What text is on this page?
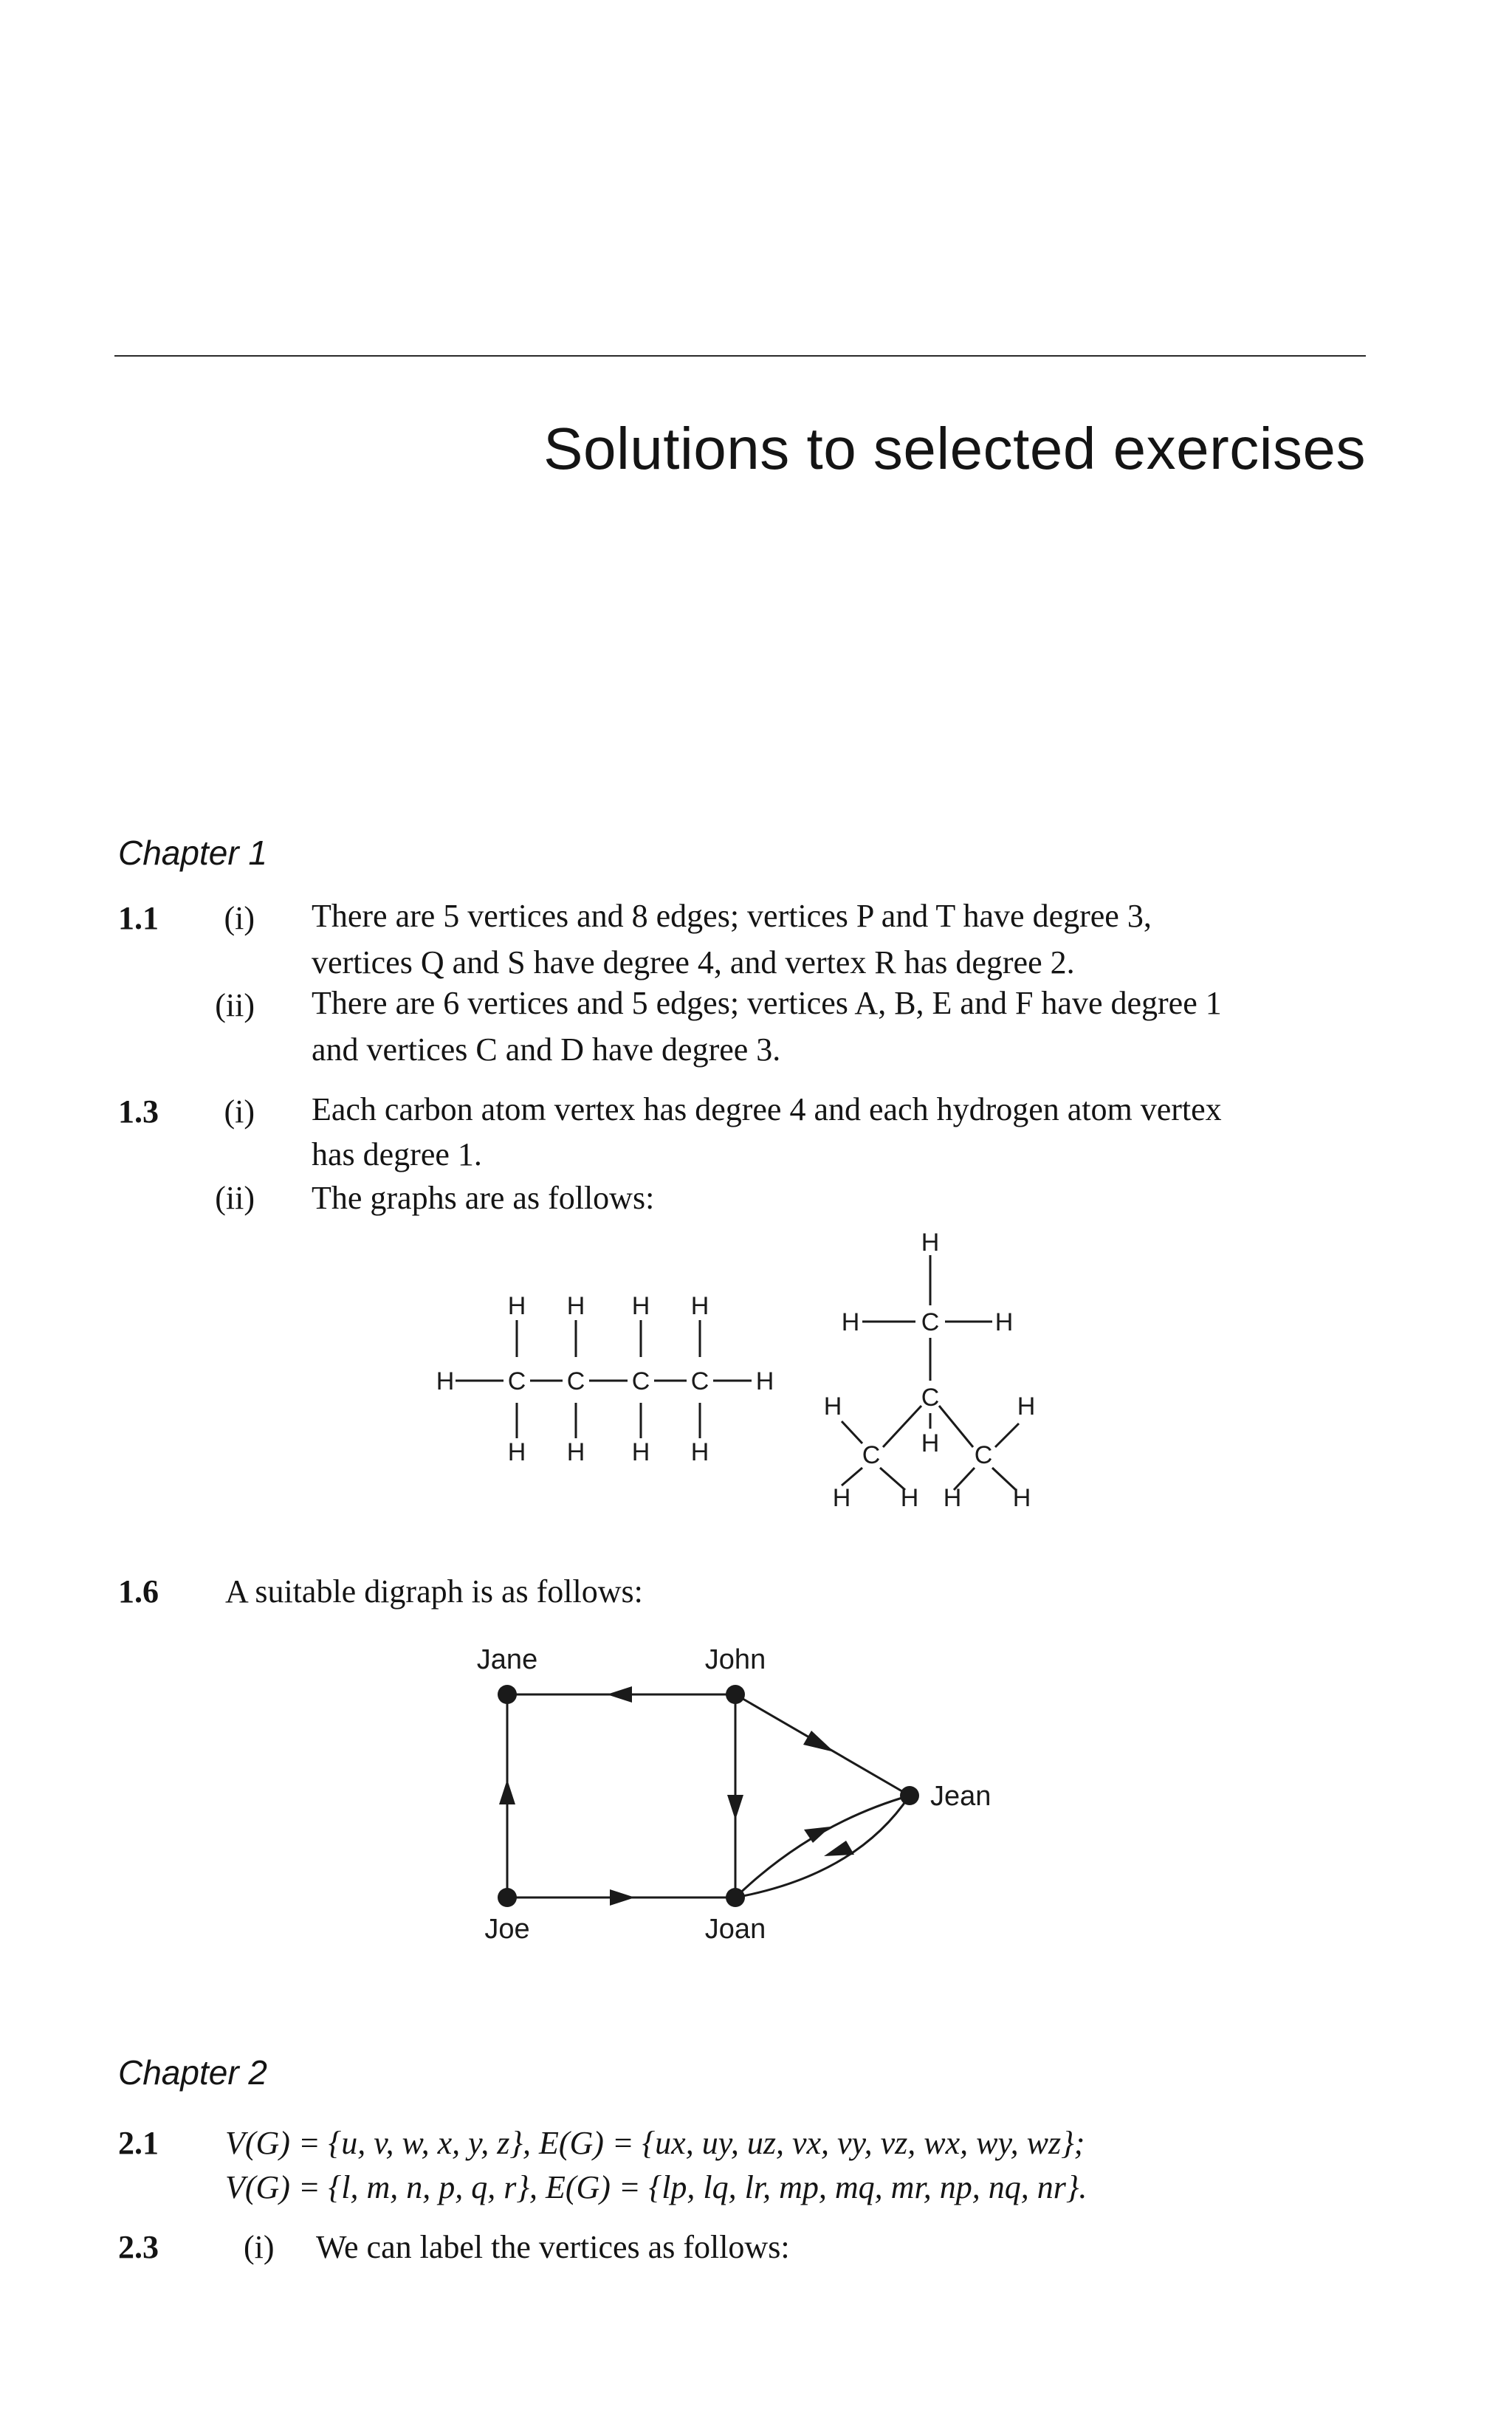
Solutions to selected exercises
Chapter 1
1.1	(i) There are 5 vertices and 8 edges; vertices P and T have degree 3,
vertices Q and S have degree 4, and vertex R has degree 2.
(ii) There are 6 vertices and 5 edges; vertices A, B, E and F have degree 1
and vertices C and D have degree 3.
1.3	(i) Each carbon atom vertex has degree 4 and each hydrogen atom vertex
has degree 1.
(ii) The graphs are as follows:
H H H H
H C C C C H
H H H H
H
H C H
C
H	H
H
C	C
H H H H
1.6 A suitable digraph is as follows:
Jane	John
Jean
Joe	Joan
Chapter 2
2.1 V(G) = {u, v, w, x, y, z}, E(G) = {ux, uy, uz, vx, vy, vz, wx, wy, wz};
V(G) = {l, m, n, p, q, r}, E(G) = {lp, lq, lr, mp, mq, mr, np, nq, nr}.
2.3	(i) We can label the vertices as follows:
